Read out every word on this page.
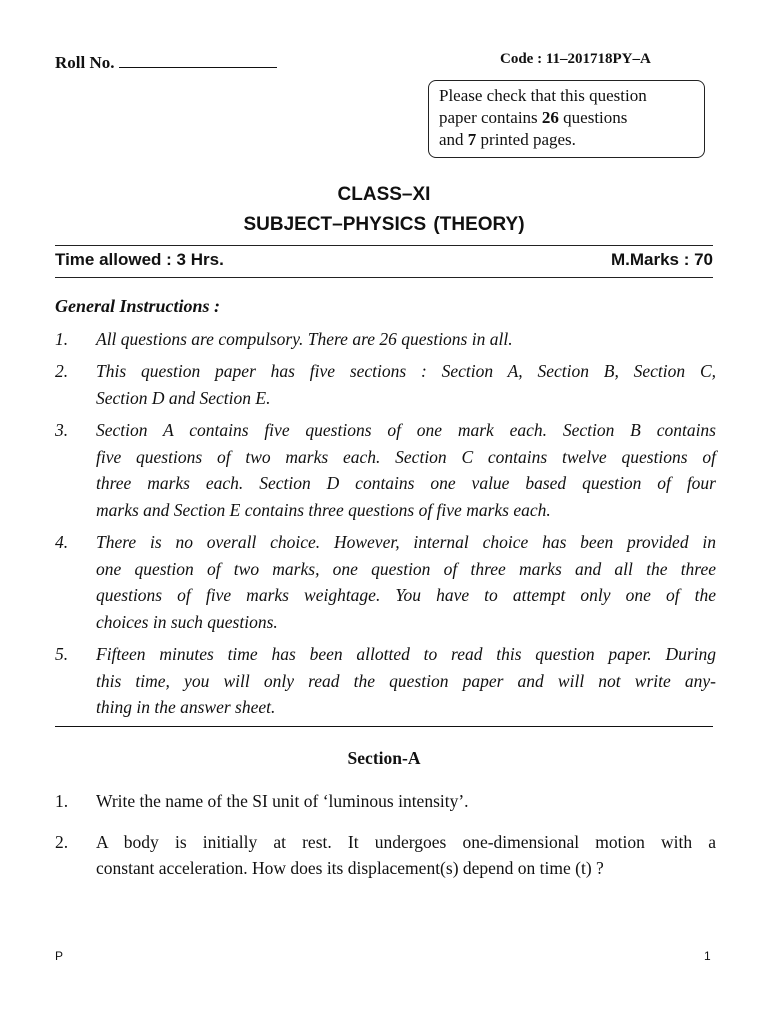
Roll No.	Code : 11–201718PY–A
Please check that this question
paper contains 26 questions
and 7 printed pages.
CLASS–XI
SUBJECT–PHYSICS (THEORY)
Time allowed : 3 Hrs.	M.Marks : 70
General Instructions :
1. All questions are compulsory. There are 26 questions in all.
2. This question paper has five sections : Section A, Section B, Section C,
Section D and Section E.
3. Section A contains five questions of one mark each. Section B contains
five questions of two marks each. Section C contains twelve questions of
three marks each. Section D contains one value based question of four
marks and Section E contains three questions of five marks each.
4. There is no overall choice. However, internal choice has been provided in
one question of two marks, one question of three marks and all the three
questions of five marks weightage. You have to attempt only one of the
choices in such questions.
5. Fifteen minutes time has been allotted to read this question paper. During
this time, you will only read the question paper and will not write any-
thing in the answer sheet.
Section-A
1. Write the name of the SI unit of ‘luminous intensity’.
2. A body is initially at rest. It undergoes one-dimensional motion with a
constant acceleration. How does its displacement(s) depend on time (t) ?
P	1
